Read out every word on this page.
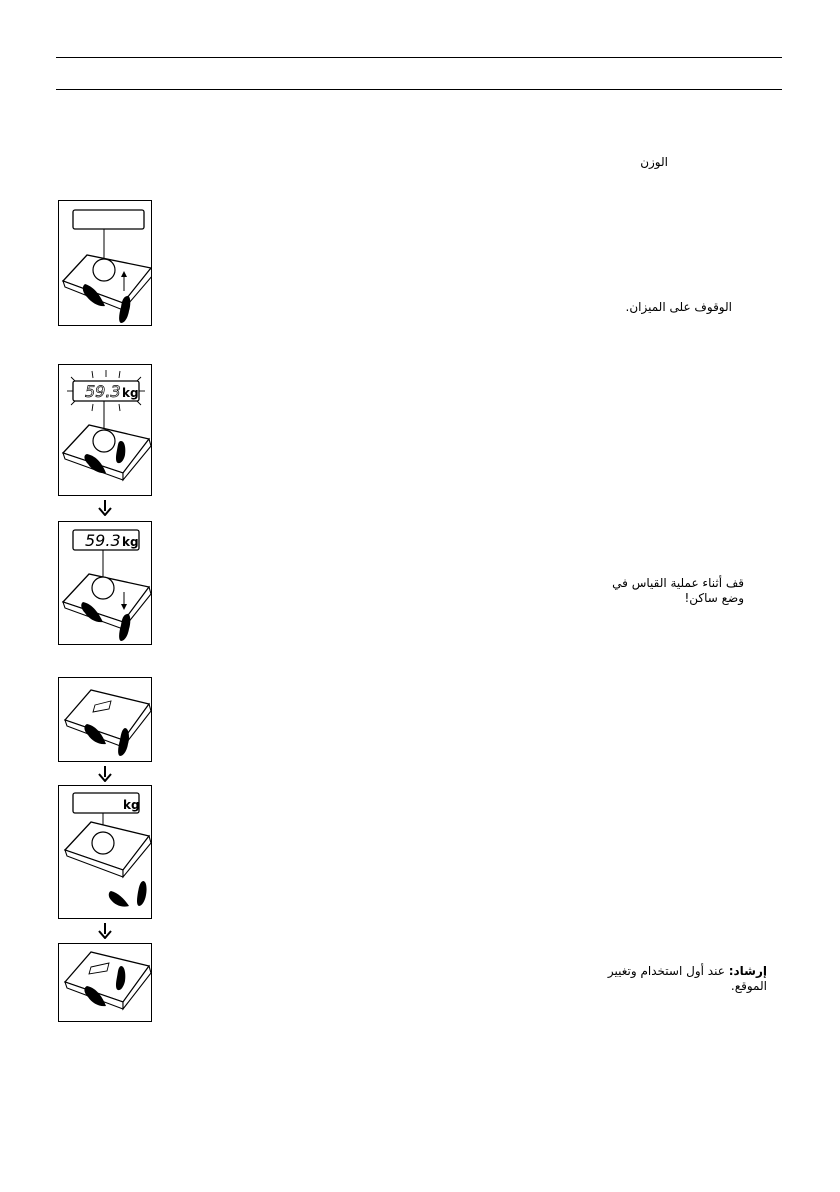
الوزن
الوقوف على الميزان.
قف أثناء عملية القياس في
وضع ساكن!
إرشاد: عند أول استخدام وتغيير
الموقع.
59.3 kg
59.3 kg
kg
